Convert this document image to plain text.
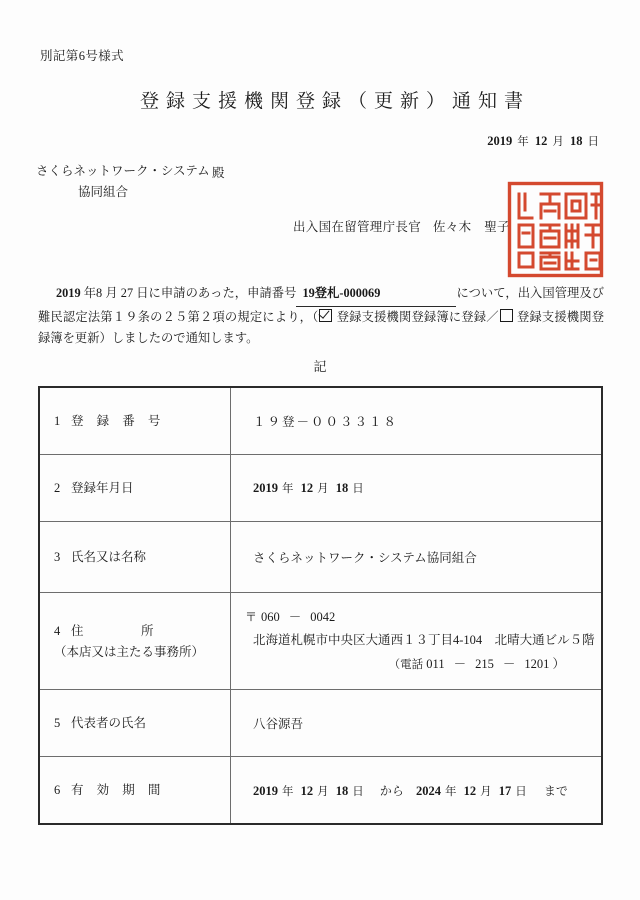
別記第6号様式
登録支援機関登録（更新）通知書
2019 年 12 月 18 日
さくらネットワーク・システム
協同組合
殿
出入国在留管理庁長官 佐々木　聖子
2019 年8 月 27 日に申請のあった，申請番号 19登札-000069	について，出入国管理及び難民認定法第１９条の２５第２項の規定により，（ 登録支援機関登録簿に登録／ 登録支援機関登録簿を更新）しましたので通知します。
記
1 登 録 番 号	１９登－００３３１８

2 登録年月日	2019 年 12 月 18 日

3 氏名又は名称	さくらネットワーク・システム協同組合

4 住　　　所
（本店又は主たる事務所）	〒 060 － 0042
北海道札幌市中央区大通西１３丁目4-104　北晴大通ビル５階
（電話 011 － 215 － 1201 ）

5 代表者の氏名	八谷源吾

6 有 効 期 間	2019 年 12 月 18 日 から 2024 年 12 月 17 日 まで
